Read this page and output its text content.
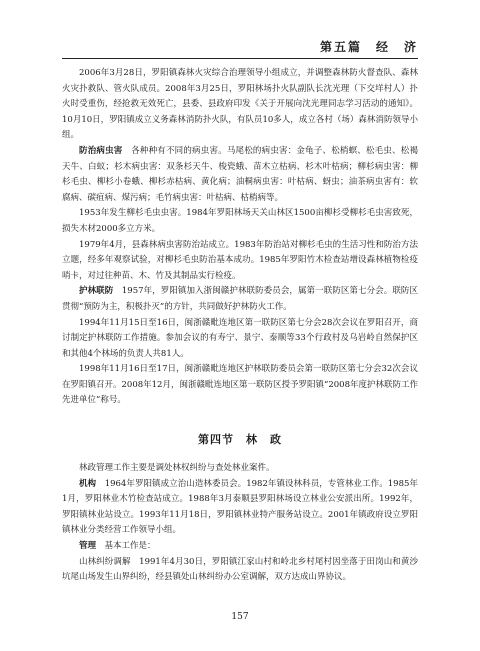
第五篇　经　济

2006年3月28日，罗阳镇森林火灾综合治理领导小组成立，并调整森林防火督查队、森林火灾扑救队、管火队成员。2008年3月25日，罗阳林场扑火队副队长沈光理（下交垟村人）扑火时受重伤，经抢救无效死亡，县委、县政府印发《关于开展向沈光理同志学习活动的通知》。10月10日，罗阳镇成立义务森林消防扑火队，有队员10多人，成立各村（场）森林消防领导小组。

防治病虫害　 各种种有不同的病虫害。马尾松的病虫害：金龟子、松梢螟、松毛虫、松褐天牛、白蚁；杉木病虫害：双条杉天牛、梭瓷蛾、苗木立枯病、杉木叶枯病；柳杉病虫害：柳杉毛虫、柳杉小卷蛾、柳杉赤枯病、黄化病；油桐病虫害：叶枯病、蚜虫；油茶病虫害有：软腐病、碳疽病、煤污病；毛竹病虫害：叶枯病、枯梢病等。

1953年发生柳杉毛虫虫害。1984年罗阳林场天关山林区1500亩柳杉受柳杉毛虫害致死，损失木材2000多立方米。

1979年4月，县森林病虫害防治站成立。1983年防治站对柳杉毛虫的生活习性和防治方法立题，经多年观察试验，对柳杉毛虫防治基本成功。1985年罗阳竹木检查站增设森林植物检疫哨卡，对过往种苗、木、竹及其制品实行检疫。

护林联防　 1957年，罗阳镇加入浙闽赣护林联防委员会，属第一联防区第七分会。联防区贯彻“预防为主，积极扑灭”的方针，共同做好护林防火工作。

1994年11月15日至16日，闽浙赣毗连地区第一联防区第七分会28次会议在罗阳召开，商讨制定护林联防工作措施。参加会议的有寿宁、景宁、泰顺等33个行政村及乌岩岭自然保护区和其他4个林场的负责人共81人。

1998年11月16日至17日，闽浙赣毗连地区护林联防委员会第一联防区第七分会32次会议在罗阳镇召开。2008年12月，闽浙赣毗连地区第一联防区授予罗阳镇“2008年度护林联防工作先进单位”称号。

第四节　林　政

林政管理工作主要是调处林权纠纷与查处林业案件。

机构　 1964年罗阳镇成立治山造林委员会。1982年镇设林科员，专管林业工作。1985年1月，罗阳林业木竹检查站成立。1988年3月泰顺县罗阳林场设立林业公安派出所。1992年，罗阳镇林业站设立。1993年11月18日，罗阳镇林业特产服务站设立。2001年镇政府设立罗阳镇林业分类经营工作领导小组。

管理　 基本工作是：

山林纠纷调解　1991年4月30日，罗阳镇江家山村和岭北乡村尾村因坐落于田岗山和黄沙坑尾山场发生山界纠纷，经县镇处山林纠纷办公室调解，双方达成山界协议。

157
